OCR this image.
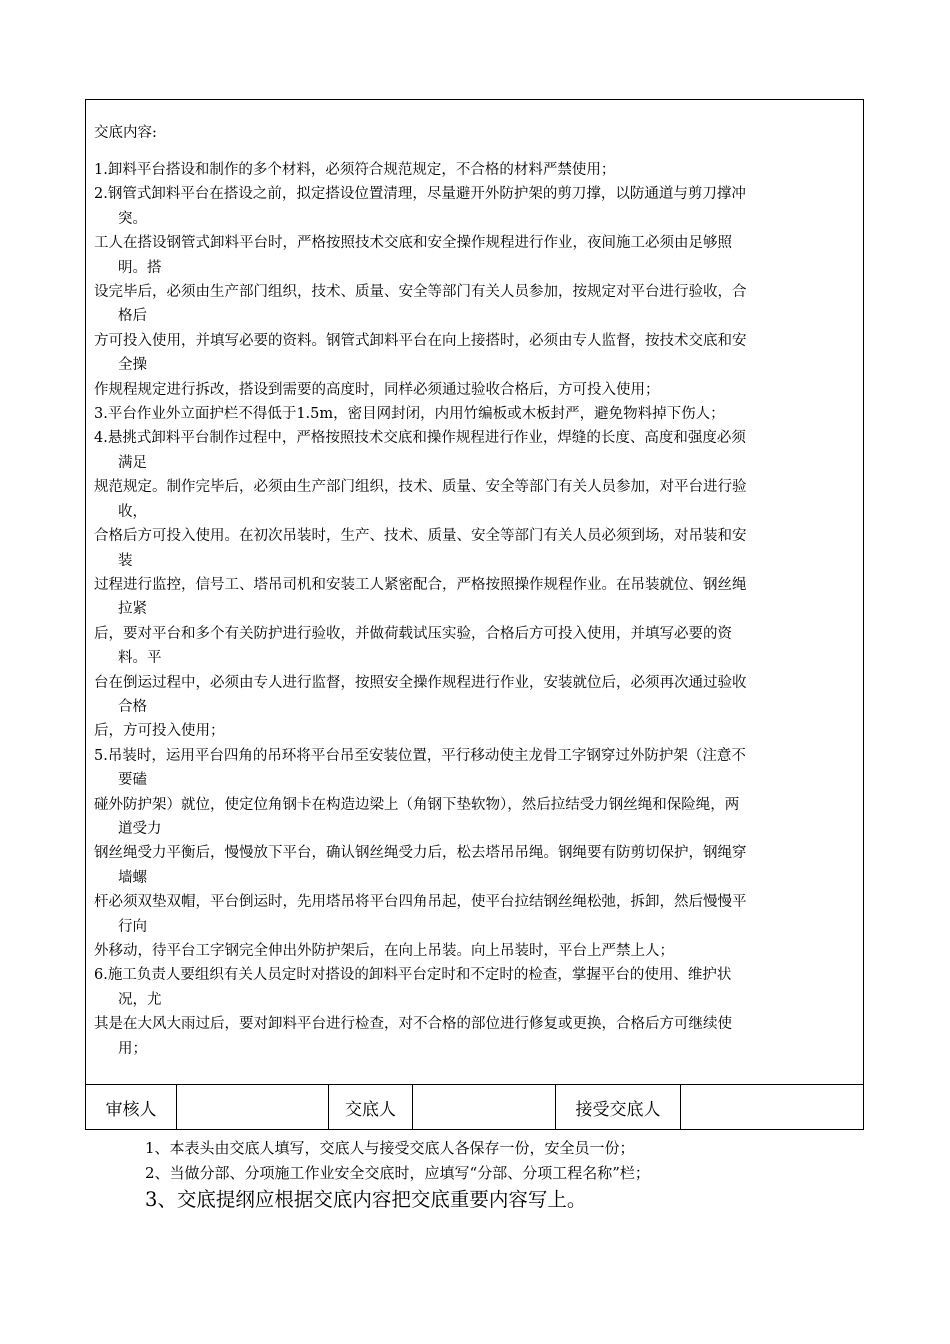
交底内容:
1.卸料平台搭设和制作的多个材料，必须符合规范规定，不合格的材料严禁使用；
2.钢管式卸料平台在搭设之前，拟定搭设位置清理，尽量避开外防护架的剪刀撑，以防通道与剪刀撑冲
突。
工人在搭设钢管式卸料平台时，严格按照技术交底和安全操作规程进行作业，夜间施工必须由足够照
明。搭
设完毕后，必须由生产部门组织，技术、质量、安全等部门有关人员参加，按规定对平台进行验收，合
格后
方可投入使用，并填写必要的资料。钢管式卸料平台在向上接搭时，必须由专人监督，按技术交底和安
全操
作规程规定进行拆改，搭设到需要的高度时，同样必须通过验收合格后，方可投入使用；
3.平台作业外立面护栏不得低于1.5m，密目网封闭，内用竹编板或木板封严，避免物料掉下伤人；
4.悬挑式卸料平台制作过程中，严格按照技术交底和操作规程进行作业，焊缝的长度、高度和强度必须
满足
规范规定。制作完毕后，必须由生产部门组织，技术、质量、安全等部门有关人员参加，对平台进行验
收，
合格后方可投入使用。在初次吊装时，生产、技术、质量、安全等部门有关人员必须到场，对吊装和安
装
过程进行监控，信号工、塔吊司机和安装工人紧密配合，严格按照操作规程作业。在吊装就位、钢丝绳
拉紧
后，要对平台和多个有关防护进行验收，并做荷载试压实验，合格后方可投入使用，并填写必要的资
料。平
台在倒运过程中，必须由专人进行监督，按照安全操作规程进行作业，安装就位后，必须再次通过验收
合格
后，方可投入使用；
5.吊装时，运用平台四角的吊环将平台吊至安装位置，平行移动使主龙骨工字钢穿过外防护架（注意不
要磕
碰外防护架）就位，使定位角钢卡在构造边梁上（角钢下垫软物），然后拉结受力钢丝绳和保险绳，两
道受力
钢丝绳受力平衡后，慢慢放下平台，确认钢丝绳受力后，松去塔吊吊绳。钢绳要有防剪切保护，钢绳穿
墙螺
杆必须双垫双帽，平台倒运时，先用塔吊将平台四角吊起，使平台拉结钢丝绳松弛，拆卸，然后慢慢平
行向
外移动，待平台工字钢完全伸出外防护架后，在向上吊装。向上吊装时，平台上严禁上人；
6.施工负责人要组织有关人员定时对搭设的卸料平台定时和不定时的检查，掌握平台的使用、维护状
况，尤
其是在大风大雨过后，要对卸料平台进行检查，对不合格的部位进行修复或更换，合格后方可继续使
用；
审核人	交底人	接受交底人
1、本表头由交底人填写，交底人与接受交底人各保存一份，安全员一份；
2、当做分部、分项施工作业安全交底时，应填写“分部、分项工程名称”栏；
3、交底提纲应根据交底内容把交底重要内容写上。
